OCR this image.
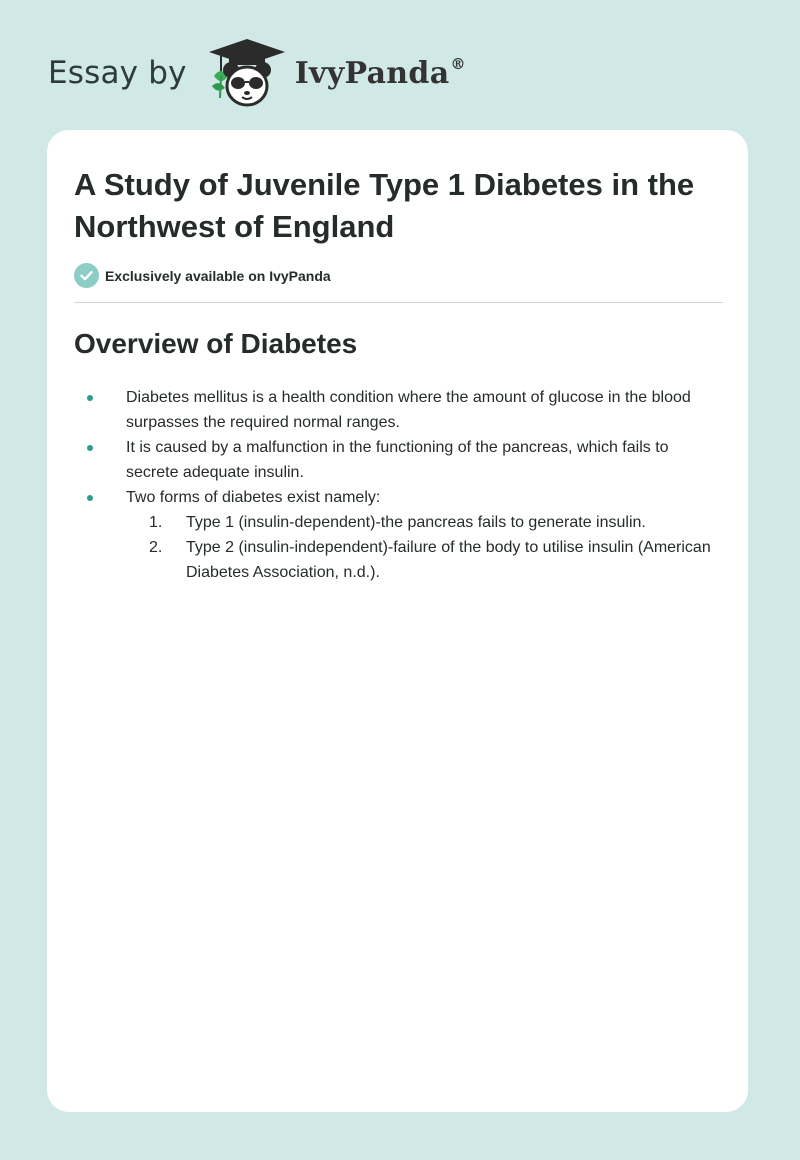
Essay by	IvyPanda®
A Study of Juvenile Type 1 Diabetes in the Northwest of England
Exclusively available on IvyPanda
Overview of Diabetes
Diabetes mellitus is a health condition where the amount of glucose in the blood surpasses the required normal ranges.
It is caused by a malfunction in the functioning of the pancreas, which fails to secrete adequate insulin.
Two forms of diabetes exist namely:
1. Type 1 (insulin-dependent)-the pancreas fails to generate insulin.
2. Type 2 (insulin-independent)-failure of the body to utilise insulin (American Diabetes Association, n.d.).
